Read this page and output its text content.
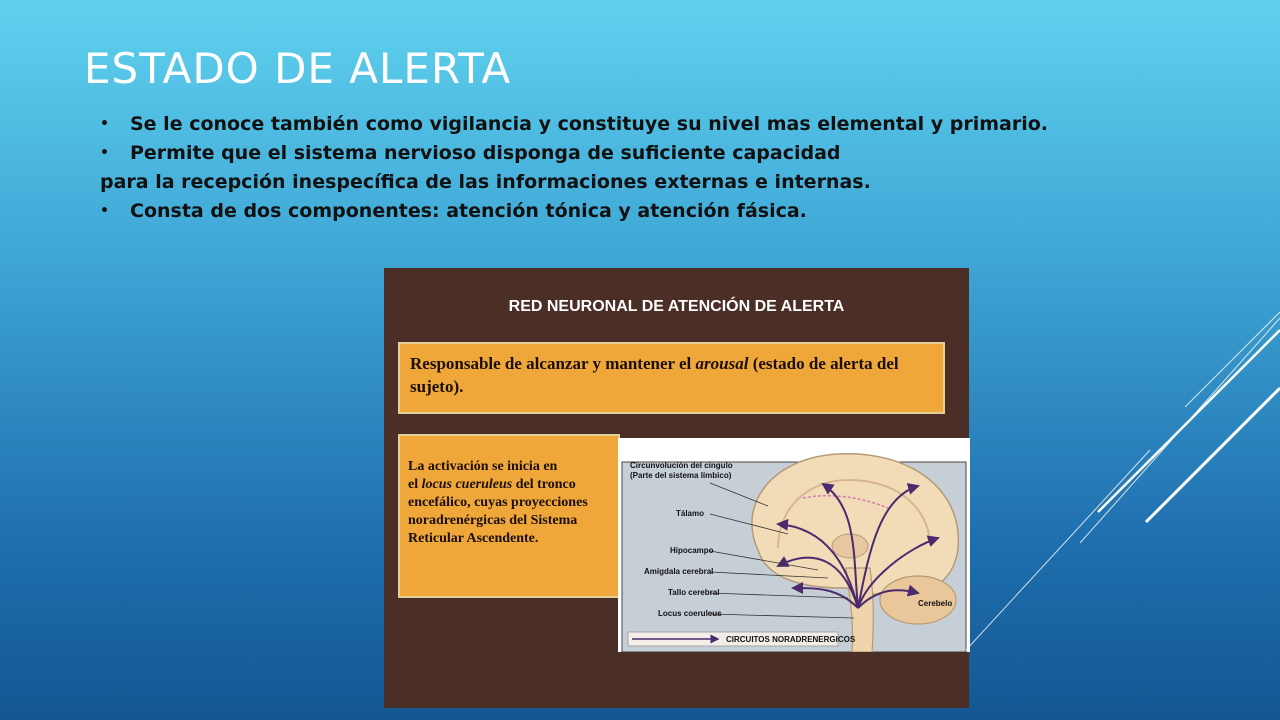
ESTADO DE ALERTA
•	Se le conoce también como vigilancia y constituye su nivel mas elemental y primario.
•	Permite que el sistema nervioso disponga de suficiente capacidad
para la recepción inespecífica de las informaciones externas e internas.
•	Consta de dos componentes: atención tónica y atención fásica.
RED NEURONAL DE ATENCIÓN DE ALERTA
Responsable de alcanzar y mantener el arousal (estado de alerta del sujeto).
La activación se inicia en
el locus cueruleus del tronco
encefálico, cuyas proyecciones noradrenérgicas del Sistema Reticular Ascendente.
Circunvolución del cíngulo
(Parte del sistema límbico)
Tálamo
Hipocampo
Amígdala cerebral
Tallo cerebral
Locus coeruleus
Cerebelo
CIRCUITOS NORADRENERGICOS
